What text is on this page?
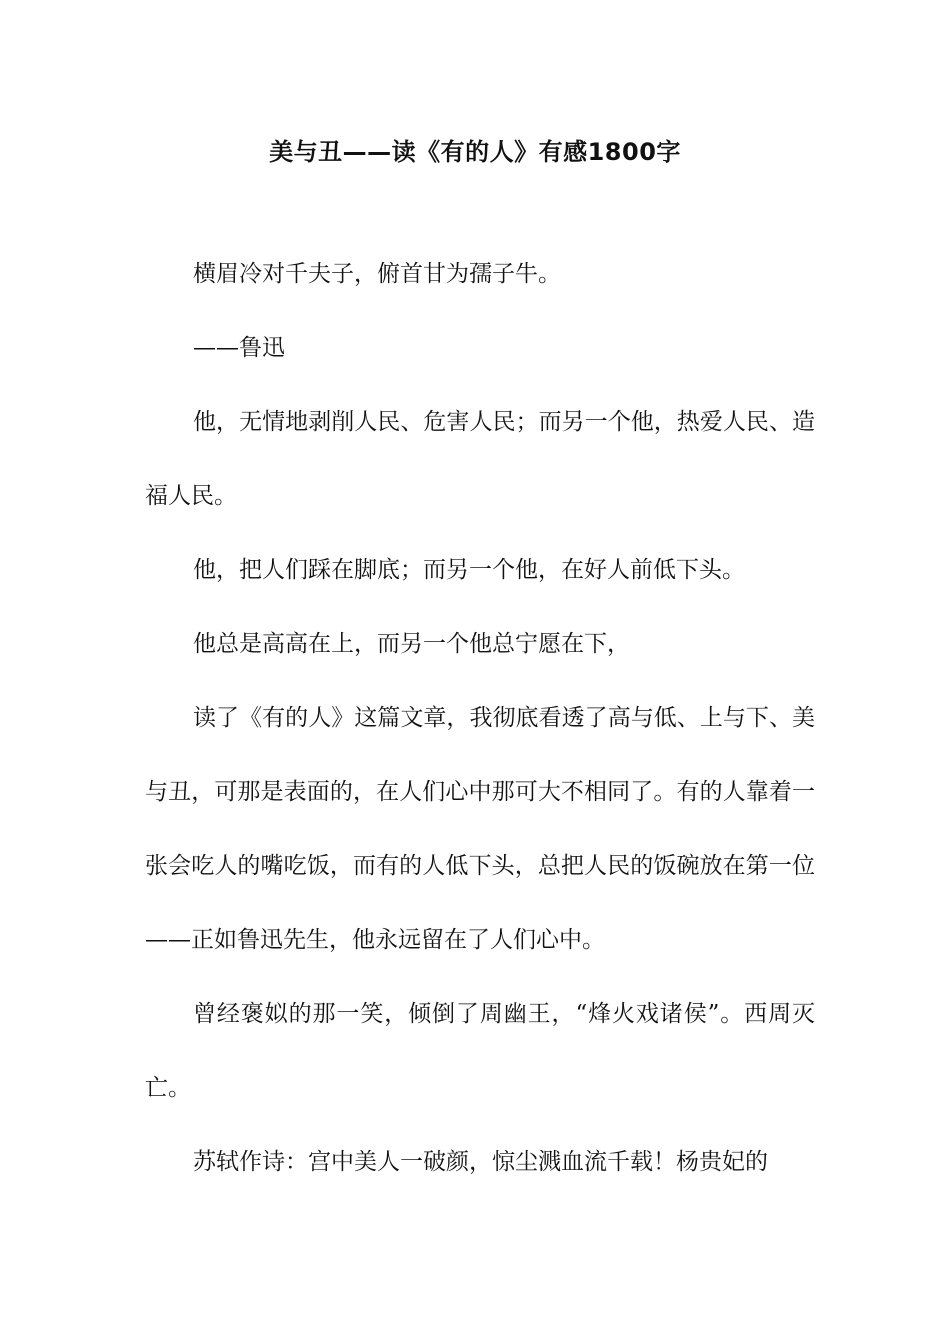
美与丑——读《有的人》有感1800字

横眉冷对千夫子，俯首甘为孺子牛。

——鲁迅

他，无情地剥削人民、危害人民；而另一个他，热爱人民、造福人民。

他，把人们踩在脚底；而另一个他，在好人前低下头。

他总是高高在上，而另一个他总宁愿在下，

读了《有的人》这篇文章，我彻底看透了高与低、上与下、美与丑，可那是表面的，在人们心中那可大不相同了。有的人靠着一张会吃人的嘴吃饭，而有的人低下头，总把人民的饭碗放在第一位——正如鲁迅先生，他永远留在了人们心中。

曾经褒姒的那一笑，倾倒了周幽王，“烽火戏诸侯”。西周灭亡。

苏轼作诗：宫中美人一破颜，惊尘溅血流千载！杨贵妃的
